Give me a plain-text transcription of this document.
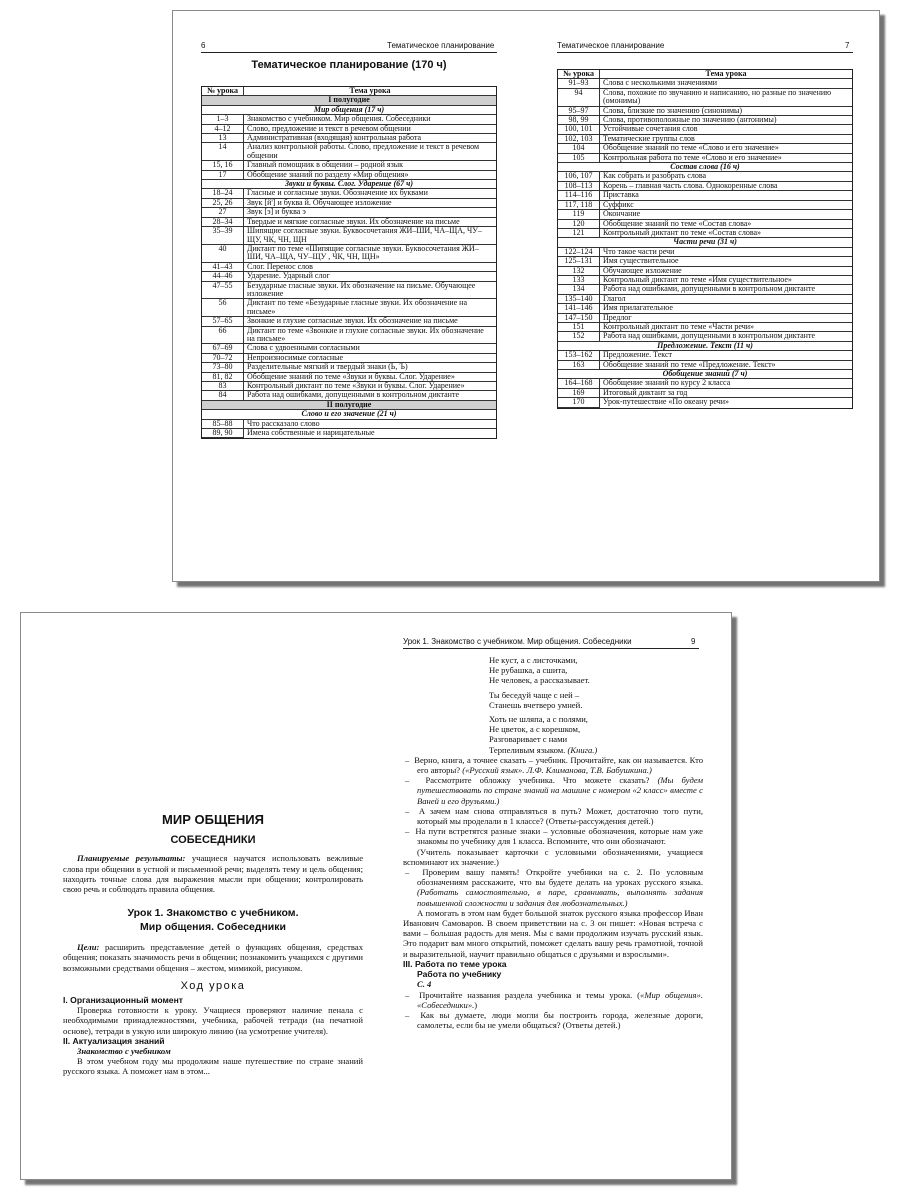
6	Тематическое планирование	Тематическое планирование	7
Тематическое планирование (170 ч)
№ урока	Тема урока
I полугодие
Мир общения (17 ч)
1–3	Знакомство с учебником. Мир общения. Собеседники
4–12	Слово, предложение и текст в речевом общении
13	Административная (входящая) контрольная работа
14	Анализ контрольной работы. Слово, предложение и текст в речевом общении
15, 16	Главный помощник в общении – родной язык
17	Обобщение знаний по разделу «Мир общения»
Звуки и буквы. Слог. Ударение (67 ч)
18–24	Гласные и согласные звуки. Обозначение их буквами
25, 26	Звук [й'] и буква й. Обучающее изложение
27	Звук [э] и буква э
28–34	Твердые и мягкие согласные звуки. Их обозначение на письме
35–39	Шипящие согласные звуки. Буквосочетания ЖИ–ШИ, ЧА–ЩА, ЧУ–ЩУ, ЧК, ЧН, ЩН
40	Диктант по теме «Шипящие согласные звуки. Буквосочетания ЖИ–ШИ, ЧА–ЩА, ЧУ–ЩУ , ЧК, ЧН, ЩН»
41–43	Слог. Перенос слов
44–46	Ударение. Ударный слог
47–55	Безударные гласные звуки. Их обозначение на письме. Обучающее изложение
56	Диктант по теме «Безударные гласные звуки. Их обозначение на письме»
57–65	Звонкие и глухие согласные звуки. Их обозначение на письме
66	Диктант по теме «Звонкие и глухие согласные звуки. Их обозначение на письме»
67–69	Слова с удвоенными согласными
70–72	Непроизносимые согласные
73–80	Разделительные мягкий и твердый знаки (Ь, Ъ)
81, 82	Обобщение знаний по теме «Звуки и буквы. Слог. Ударение»
83	Контрольный диктант по теме «Звуки и буквы. Слог. Ударение»
84	Работа над ошибками, допущенными в контрольном диктанте
II полугодие
Слово и его значение (21 ч)
85–88	Что рассказало слово
89, 90	Имена собственные и нарицательные
№ урока	Тема урока
91–93	Слова с несколькими значениями
94	Слова, похожие по звучанию и написанию, но разные по значению (омонимы)
95–97	Слова, близкие по значению (синонимы)
98, 99	Слова, противоположные по значению (антонимы)
100, 101	Устойчивые сочетания слов
102, 103	Тематические группы слов
104	Обобщение знаний по теме «Слово и его значение»
105	Контрольная работа по теме «Слово и его значение»
Состав слова (16 ч)
106, 107	Как собрать и разобрать слова
108–113	Корень – главная часть слова. Однокоренные слова
114–116	Приставка
117, 118	Суффикс
119	Окончание
120	Обобщение знаний по теме «Состав слова»
121	Контрольный диктант по теме «Состав слова»
Части речи (31 ч)
122–124	Что такое части речи
125–131	Имя существительное
132	Обучающее изложение
133	Контрольный диктант по теме «Имя существительное»
134	Работа над ошибками, допущенными в контрольном диктанте
135–140	Глагол
141–146	Имя прилагательное
147–150	Предлог
151	Контрольный диктант по теме «Части речи»
152	Работа над ошибками, допущенными в контрольном диктанте
Предложение. Текст (11 ч)
153–162	Предложение. Текст
163	Обобщение знаний по теме «Предложение. Текст»
Обобщение знаний (7 ч)
164–168	Обобщение знаний по курсу 2 класса
169	Итоговый диктант за год
170	Урок-путешествие «По океану речи»

МИР ОБЩЕНИЯ

СОБЕСЕДНИКИ

Планируемые результаты: учащиеся научатся использовать вежливые слова при общении в устной и письменной речи; выделять тему и цель общения; находить точные слова для выражения мысли при общении; контролировать свою речь и соблюдать правила общения.

Урок 1. Знакомство с учебником.

Мир общения. Собеседники

Цели: расширить представление детей о функциях общения, средствах общения; показать значимость речи в общении; познакомить учащихся с другими возможными средствами общения – жестом, мимикой, рисунком.

Ход урока

I. Организационный момент

Проверка готовности к уроку. Учащиеся проверяют наличие пенала с необходимыми принадлежностями, учебника, рабочей тетради (на печатной основе), тетради в узкую или широкую линию (на усмотрение учителя).

II. Актуализация знаний

Знакомство с учебником

В этом учебном году мы продолжим наше путешествие по стране знаний русского языка. А поможет нам в этом...

Урок 1. Знакомство с учебником. Мир общения. Собеседники	9

Не куст, а с листочками,

Не рубашка, а сшита,

Не человек, а рассказывает.

Ты беседуй чаще с ней –

Станешь вчетверо умней.

Хоть не шляпа, а с полями,

Не цветок, а с корешком,

Разговаривает с нами

Терпеливым языком. (Книга.)

–  Верно, книга, а точнее сказать – учебник. Прочитайте, как он называется. Кто его авторы? («Русский язык». Л.Ф. Климанова, Т.В. Бабушкина.)

–  Рассмотрите обложку учебника. Что можете сказать? (Мы будем путешествовать по стране знаний на машине с номером «2 класс» вместе с Ваней и его друзьями.)

–  А зачем нам снова отправляться в путь? Может, достаточно того пути, который мы проделали в 1 классе? (Ответы-рассуждения детей.)

–  На пути встретятся разные знаки – условные обозначения, которые нам уже знакомы по учебнику для 1 класса. Вспомните, что они обозначают.

(Учитель показывает карточки с условными обозначениями, учащиеся вспоминают их значение.)

–  Проверим вашу память! Откройте учебники на с. 2. По условным обозначениям расскажите, что вы будете делать на уроках русского языка. (Работать самостоятельно, в паре, сравнивать, выполнять задания повышенной сложности и задания для любознательных.)

А помогать в этом нам будет большой знаток русского языка профессор Иван Иванович Самоваров. В своем приветствии на с. 3 он пишет: «Новая встреча с вами – большая радость для меня. Мы с вами продолжим изучать русский язык. Это подарит вам много открытий, поможет сделать вашу речь грамотной, точной и выразительной, научит правильно общаться с друзьями и взрослыми».

III. Работа по теме урока

Работа по учебнику

С. 4

–  Прочитайте названия раздела учебника и темы урока. («Мир общения». «Собеседники».)

–  Как вы думаете, люди могли бы построить города, железные дороги, самолеты, если бы не умели общаться? (Ответы детей.)
